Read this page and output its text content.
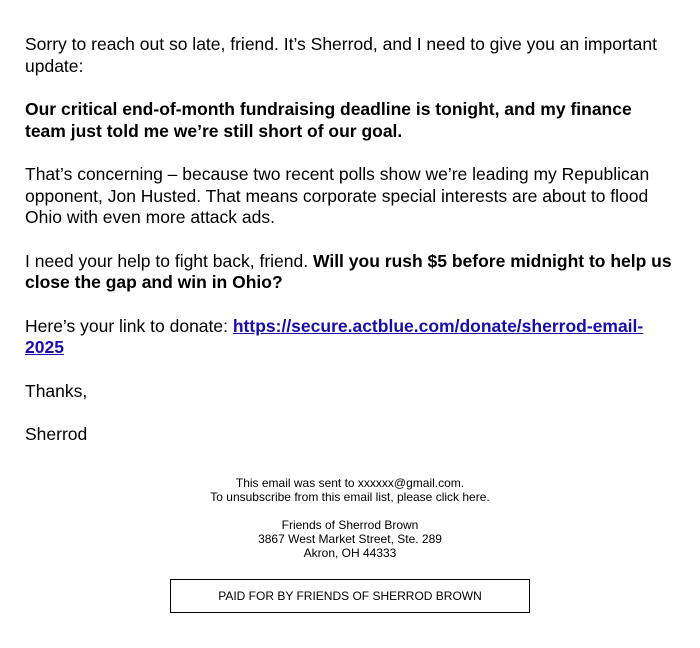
Sorry to reach out so late, friend. It’s Sherrod, and I need to give you an important update:

Our critical end-of-month fundraising deadline is tonight, and my finance team just told me we’re still short of our goal.

That’s concerning – because two recent polls show we’re leading my Republican opponent, Jon Husted. That means corporate special interests are about to flood Ohio with even more attack ads.

I need your help to fight back, friend. Will you rush $5 before midnight to help us close the gap and win in Ohio?

Here’s your link to donate: https://secure.actblue.com/donate/sherrod-email-2025

Thanks,

Sherrod

This email was sent to xxxxxx@gmail.com.
To unsubscribe from this email list, please click here.

Friends of Sherrod Brown
3867 West Market Street, Ste. 289
Akron, OH 44333

PAID FOR BY FRIENDS OF SHERROD BROWN
